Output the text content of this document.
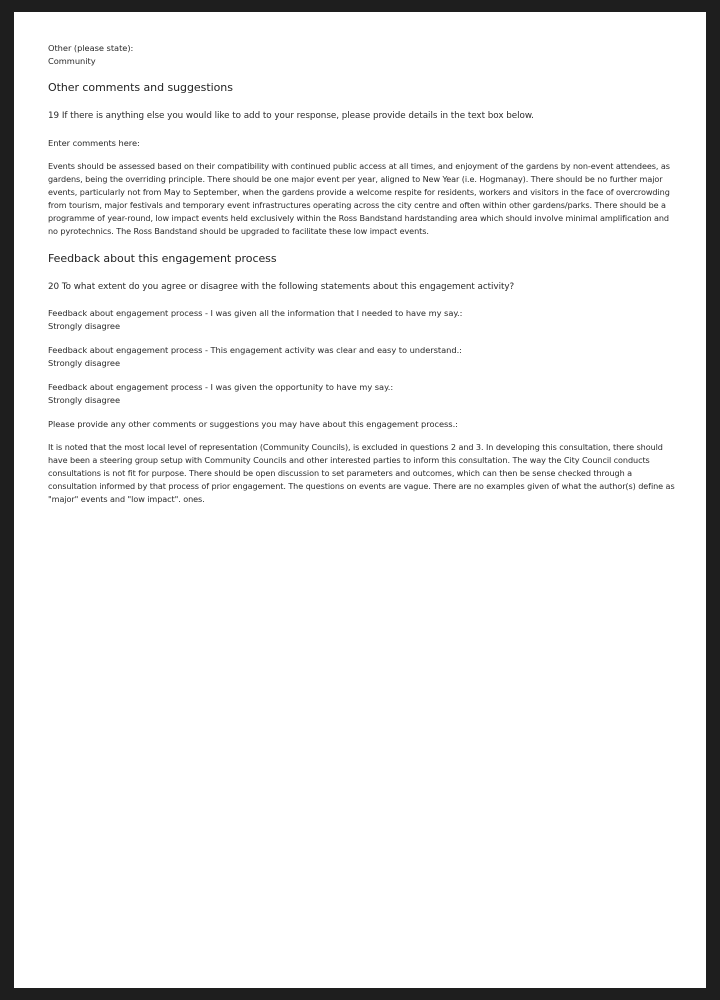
Other (please state):
Community
Other comments and suggestions

19 If there is anything else you would like to add to your response, please provide details in the text box below.

Enter comments here:

Events should be assessed based on their compatibility with continued public access at all times, and enjoyment of the gardens by non-event attendees, as gardens, being the overriding principle. There should be one major event per year, aligned to New Year (i.e. Hogmanay). There should be no further major events, particularly not from May to September, when the gardens provide a welcome respite for residents, workers and visitors in the face of overcrowding from tourism, major festivals and temporary event infrastructures operating across the city centre and often within other gardens/parks. There should be a programme of year-round, low impact events held exclusively within the Ross Bandstand hardstanding area which should involve minimal amplification and no pyrotechnics. The Ross Bandstand should be upgraded to facilitate these low impact events.

Feedback about this engagement process

20 To what extent do you agree or disagree with the following statements about this engagement activity?

Feedback about engagement process - I was given all the information that I needed to have my say.:
Strongly disagree
Feedback about engagement process - This engagement activity was clear and easy to understand.:
Strongly disagree
Feedback about engagement process - I was given the opportunity to have my say.:
Strongly disagree

Please provide any other comments or suggestions you may have about this engagement process.:

It is noted that the most local level of representation (Community Councils), is excluded in questions 2 and 3. In developing this consultation, there should have been a steering group setup with Community Councils and other interested parties to inform this consultation. The way the City Council conducts consultations is not fit for purpose. There should be open discussion to set parameters and outcomes, which can then be sense checked through a consultation informed by that process of prior engagement. The questions on events are vague. There are no examples given of what the author(s) define as "major" events and "low impact". ones.
